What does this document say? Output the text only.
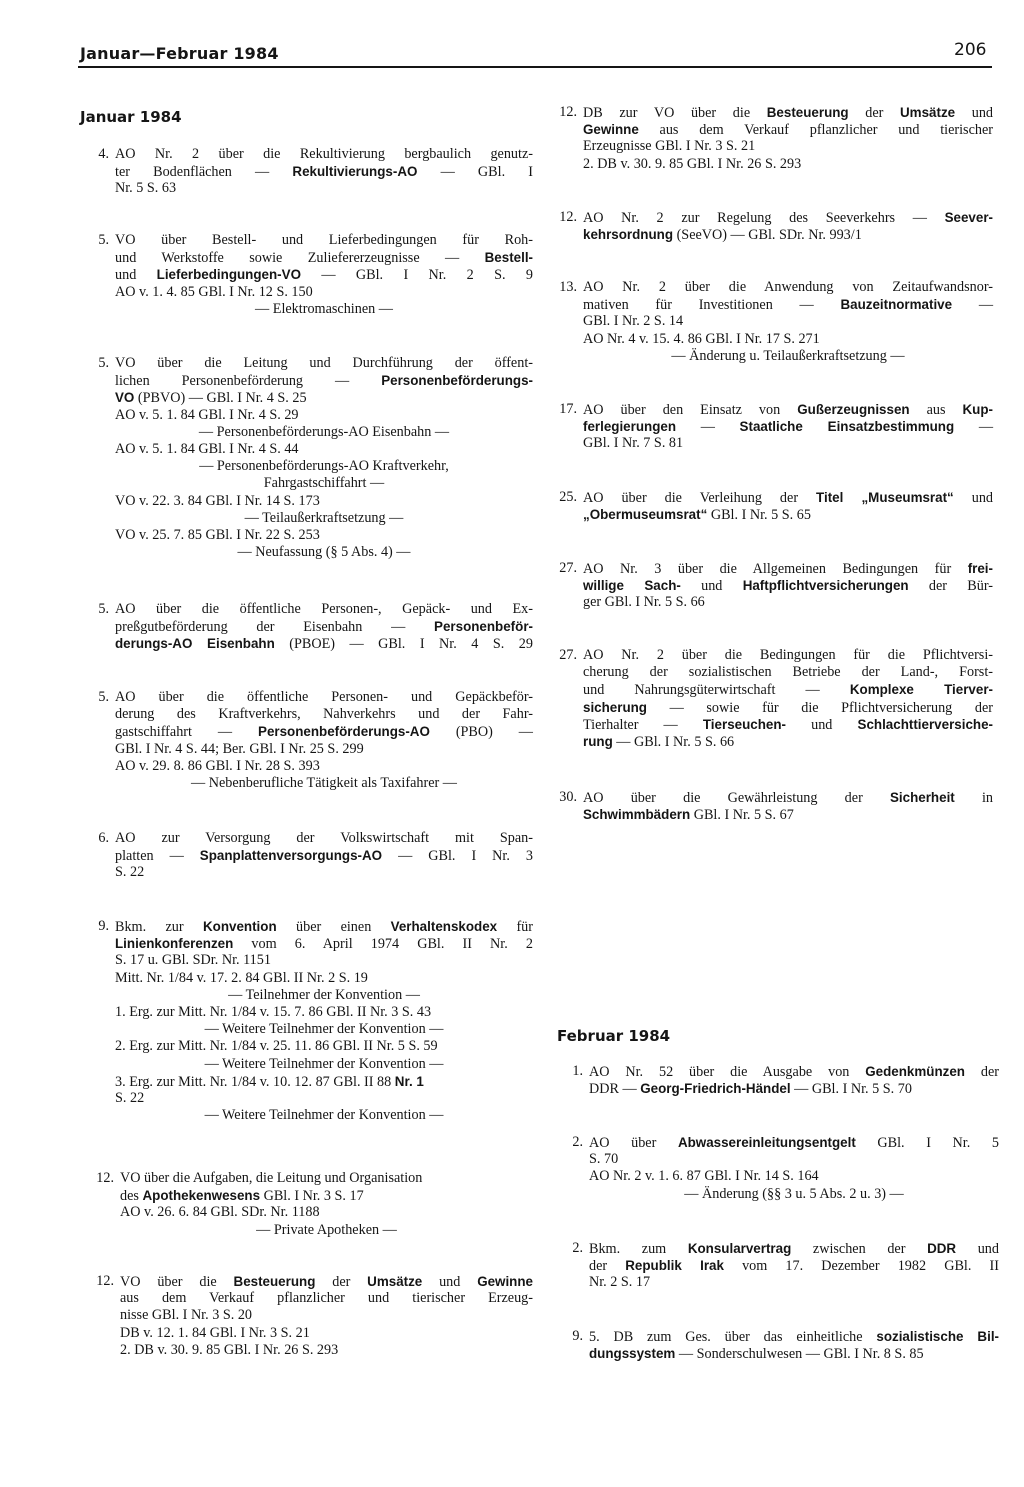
Januar—Februar 1984	206
Januar 1984
Februar 1984
4. AO Nr. 2 über die Rekultivierung bergbaulich genutz-
ter Bodenflächen — Rekultivierungs-AO — GBl. I
Nr. 5 S. 63
5. VO über Bestell- und Lieferbedingungen für Roh-
und Werkstoffe sowie Zuliefererzeugnisse — Bestell-
und Lieferbedingungen-VO — GBl. I Nr. 2 S. 9
AO v. 1. 4. 85 GBl. I Nr. 12 S. 150
— Elektromaschinen —
5. VO über die Leitung und Durchführung der öffent-
lichen Personenbeförderung — Personenbeförderungs-
VO (PBVO) — GBl. I Nr. 4 S. 25
AO v. 5. 1. 84 GBl. I Nr. 4 S. 29
— Personenbeförderungs-AO Eisenbahn —
AO v. 5. 1. 84 GBl. I Nr. 4 S. 44
— Personenbeförderungs-AO Kraftverkehr,
Fahrgastschiffahrt —
VO v. 22. 3. 84 GBl. I Nr. 14 S. 173
— Teilaußerkraftsetzung —
VO v. 25. 7. 85 GBl. I Nr. 22 S. 253
— Neufassung (§ 5 Abs. 4) —
5. AO über die öffentliche Personen-, Gepäck- und Ex-
preßgutbeförderung der Eisenbahn — Personenbeför-
derungs-AO Eisenbahn (PBOE) — GBl. I Nr. 4 S. 29
5. AO über die öffentliche Personen- und Gepäckbeför-
derung des Kraftverkehrs, Nahverkehrs und der Fahr-
gastschiffahrt — Personenbeförderungs-AO (PBO) —
GBl. I Nr. 4 S. 44; Ber. GBl. I Nr. 25 S. 299
AO v. 29. 8. 86 GBl. I Nr. 28 S. 393
— Nebenberufliche Tätigkeit als Taxifahrer —
6. AO zur Versorgung der Volkswirtschaft mit Span-
platten — Spanplattenversorgungs-AO — GBl. I Nr. 3
S. 22
9. Bkm. zur Konvention über einen Verhaltenskodex für
Linienkonferenzen vom 6. April 1974 GBl. II Nr. 2
S. 17 u. GBl. SDr. Nr. 1151
Mitt. Nr. 1/84 v. 17. 2. 84 GBl. II Nr. 2 S. 19
— Teilnehmer der Konvention —
1. Erg. zur Mitt. Nr. 1/84 v. 15. 7. 86 GBl. II Nr. 3 S. 43
— Weitere Teilnehmer der Konvention —
2. Erg. zur Mitt. Nr. 1/84 v. 25. 11. 86 GBl. II Nr. 5 S. 59
— Weitere Teilnehmer der Konvention —
3. Erg. zur Mitt. Nr. 1/84 v. 10. 12. 87 GBl. II 88 Nr. 1
S. 22
— Weitere Teilnehmer der Konvention —
12. VO über die Aufgaben, die Leitung und Organisation
des Apothekenwesens GBl. I Nr. 3 S. 17
AO v. 26. 6. 84 GBl. SDr. Nr. 1188
— Private Apotheken —
12. VO über die Besteuerung der Umsätze und Gewinne
aus dem Verkauf pflanzlicher und tierischer Erzeug-
nisse GBl. I Nr. 3 S. 20
DB v. 12. 1. 84 GBl. I Nr. 3 S. 21
2. DB v. 30. 9. 85 GBl. I Nr. 26 S. 293
12. DB zur VO über die Besteuerung der Umsätze und
Gewinne aus dem Verkauf pflanzlicher und tierischer
Erzeugnisse GBl. I Nr. 3 S. 21
2. DB v. 30. 9. 85 GBl. I Nr. 26 S. 293
12. AO Nr. 2 zur Regelung des Seeverkehrs — Seever-
kehrsordnung (SeeVO) — GBl. SDr. Nr. 993/1
13. AO Nr. 2 über die Anwendung von Zeitaufwandsnor-
mativen für Investitionen — Bauzeitnormative —
GBl. I Nr. 2 S. 14
AO Nr. 4 v. 15. 4. 86 GBl. I Nr. 17 S. 271
— Änderung u. Teilaußerkraftsetzung —
17. AO über den Einsatz von Gußerzeugnissen aus Kup-
ferlegierungen — Staatliche Einsatzbestimmung —
GBl. I Nr. 7 S. 81
25. AO über die Verleihung der Titel „Museumsrat“ und
„Obermuseumsrat“ GBl. I Nr. 5 S. 65
27. AO Nr. 3 über die Allgemeinen Bedingungen für frei-
willige Sach- und Haftpflichtversicherungen der Bür-
ger GBl. I Nr. 5 S. 66
27. AO Nr. 2 über die Bedingungen für die Pflichtversi-
cherung der sozialistischen Betriebe der Land-, Forst-
und Nahrungsgüterwirtschaft — Komplexe Tierver-
sicherung — sowie für die Pflichtversicherung der
Tierhalter — Tierseuchen- und Schlachttierversiche-
rung — GBl. I Nr. 5 S. 66
30. AO über die Gewährleistung der Sicherheit in
Schwimmbädern GBl. I Nr. 5 S. 67
1. AO Nr. 52 über die Ausgabe von Gedenkmünzen der
DDR — Georg-Friedrich-Händel — GBl. I Nr. 5 S. 70
2. AO über Abwassereinleitungsentgelt GBl. I Nr. 5
S. 70
AO Nr. 2 v. 1. 6. 87 GBl. I Nr. 14 S. 164
— Änderung (§§ 3 u. 5 Abs. 2 u. 3) —
2. Bkm. zum Konsularvertrag zwischen der DDR und
der Republik Irak vom 17. Dezember 1982 GBl. II
Nr. 2 S. 17
9. 5. DB zum Ges. über das einheitliche sozialistische Bil-
dungssystem — Sonderschulwesen — GBl. I Nr. 8 S. 85
